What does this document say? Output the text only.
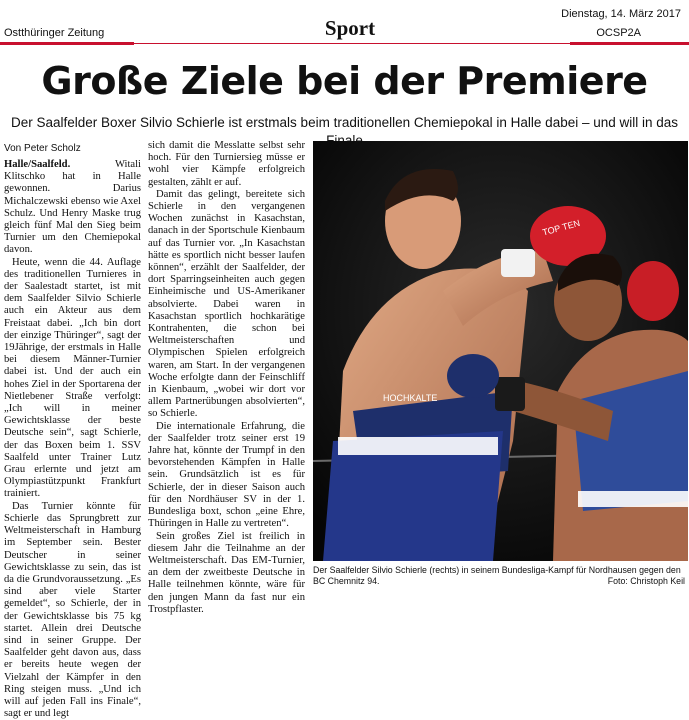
Dienstag, 14. März 2017
Ostthüringer Zeitung	Sport	OCSP2A
Große Ziele bei der Premiere
Der Saalfelder Boxer Silvio Schierle ist erstmals beim traditionellen Chemiepokal in Halle dabei – und will in das
Von Peter Scholz

Halle/Saalfeld.	Witali Klitschko hat in Halle gewonnen. Darius Michalczewski ebenso wie Axel Schulz. Und Henry Maske trug gleich fünf Mal den Sieg beim Turnier um den Chemiepokal davon.

Heute, wenn die 44. Auflage des traditionellen Turnieres in der Saalestadt startet, ist mit dem Saalfelder Silvio Schierle auch ein Akteur aus dem Freistaat dabei. „Ich bin dort der einzige Thüringer“, sagt der 19Jährige, der erstmals in Halle bei diesem Männer-Turnier dabei ist. Und der auch ein hohes Ziel in der Sportarena der Nietlebener Straße verfolgt: „Ich will in meiner Gewichtsklasse der beste Deutsche sein“, sagt Schierle, der das Boxen beim 1. SSV Saalfeld unter Trainer Lutz Grau erlernte und jetzt am Olympiastützpunkt Frankfurt trainiert.

Das Turnier könnte für Schierle das Sprungbrett zur Weltmeisterschaft in Hamburg im September sein. Bester Deutscher in seiner Gewichtsklasse zu sein, das ist da die Grundvoraussetzung. „Es sind aber viele Starter gemeldet“, so Schierle, der in der Gewichtsklasse bis 75 kg startet. Allein drei Deutsche sind in seiner Gruppe. Der Saalfelder geht davon aus, dass er bereits heute wegen der Vielzahl der Kämpfer in den Ring steigen muss. „Und ich will auf jeden Fall ins Finale“, sagt er und legt

sich damit die Messlatte selbst sehr hoch. Für den Turniersieg müsse er wohl vier Kämpfe erfolgreich gestalten, zählt er auf.

Damit das gelingt, bereitete sich Schierle in den vergangenen Wochen zunächst in Kasachstan, danach in der Sportschule Kienbaum auf das Turnier vor. „In Kasachstan hätte es sportlich nicht besser laufen können“, erzählt der Saalfelder, der dort Sparringseinheiten auch gegen Einheimische und US-Amerikaner absolvierte. Dabei waren in Kasachstan sportlich hochkarätige Kontrahenten, die schon bei Weltmeisterschaften und Olympischen Spielen erfolgreich waren, am Start. In der vergangenen Woche erfolgte dann der Feinschliff in Kienbaum, „wobei wir dort vor allem Partnerübungen absolvierten“, so Schierle.

Die internationale Erfahrung, die der Saalfelder trotz seiner erst 19 Jahre hat, könnte der Trumpf in den bevorstehenden Kämpfen in Halle sein. Grundsätzlich ist es für Schierle, der in dieser Saison auch für den Nordhäuser SV in der 1. Bundesliga boxt, schon „eine Ehre, Thüringen in Halle zu vertreten“.

Sein großes Ziel ist freilich in diesem Jahr die Teilnahme an der Weltmeisterschaft. Das EM-Turnier, an dem der zweitbeste Deutsche in Halle teilnehmen könnte, wäre für den jungen Mann da fast nur ein Trostpflaster.

HOCHKALTE
TOP TEN
Der Saalfelder Silvio Schierle (rechts) in seinem Bundesliga-Kampf für Nordhausen gegen den BC Chemnitz 94.	Foto: Christoph Keil
